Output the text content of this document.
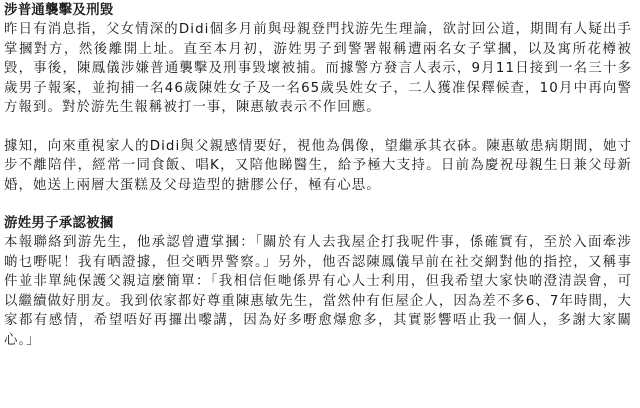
涉普通襲擊及刑毀

昨日有消息指，父女情深的Didi個多月前與母親登門找游先生理論，欲討回公道，期間有人疑出手掌摑對方，然後離開上址。直至本月初，游姓男子到警署報稱遭兩名女子掌摑，以及寓所花樽被毀，事後，陳鳳儀涉嫌普通襲擊及刑事毀壞被捕。而據警方發言人表示，9月11日接到一名三十多歲男子報案，並拘捕一名46歲陳姓女子及一名65歲吳姓女子，二人獲准保釋候查，10月中再向警方報到。對於游先生報稱被打一事，陳惠敏表示不作回應。

據知，向來重視家人的Didi與父親感情要好，視他為偶像，望繼承其衣砵。陳惠敏患病期間，她寸步不離陪伴，經常一同食飯、唱K，又陪他睇醫生，給予極大支持。日前為慶祝母親生日兼父母新婚，她送上兩層大蛋糕及父母造型的搪膠公仔，極有心思。

游姓男子承認被摑

本報聯絡到游先生，他承認曾遭掌摑：「關於有人去我屋企打我呢件事，係確實有，至於入面牽涉啲乜嘢呢！我有晒證據，但交晒畀警察。」另外，他否認陳鳳儀早前在社交網對他的指控，又稱事件並非單純保護父親這麼簡單：「我相信佢哋係畀有心人士利用，但我希望大家快啲澄清誤會，可以繼續做好朋友。我到依家都好尊重陳惠敏先生，當然仲有佢屋企人，因為差不多6、7年時間，大家都有感情，希望唔好再攞出嚟講，因為好多嘢愈爆愈多，其實影響唔止我一個人，多謝大家關心。」
